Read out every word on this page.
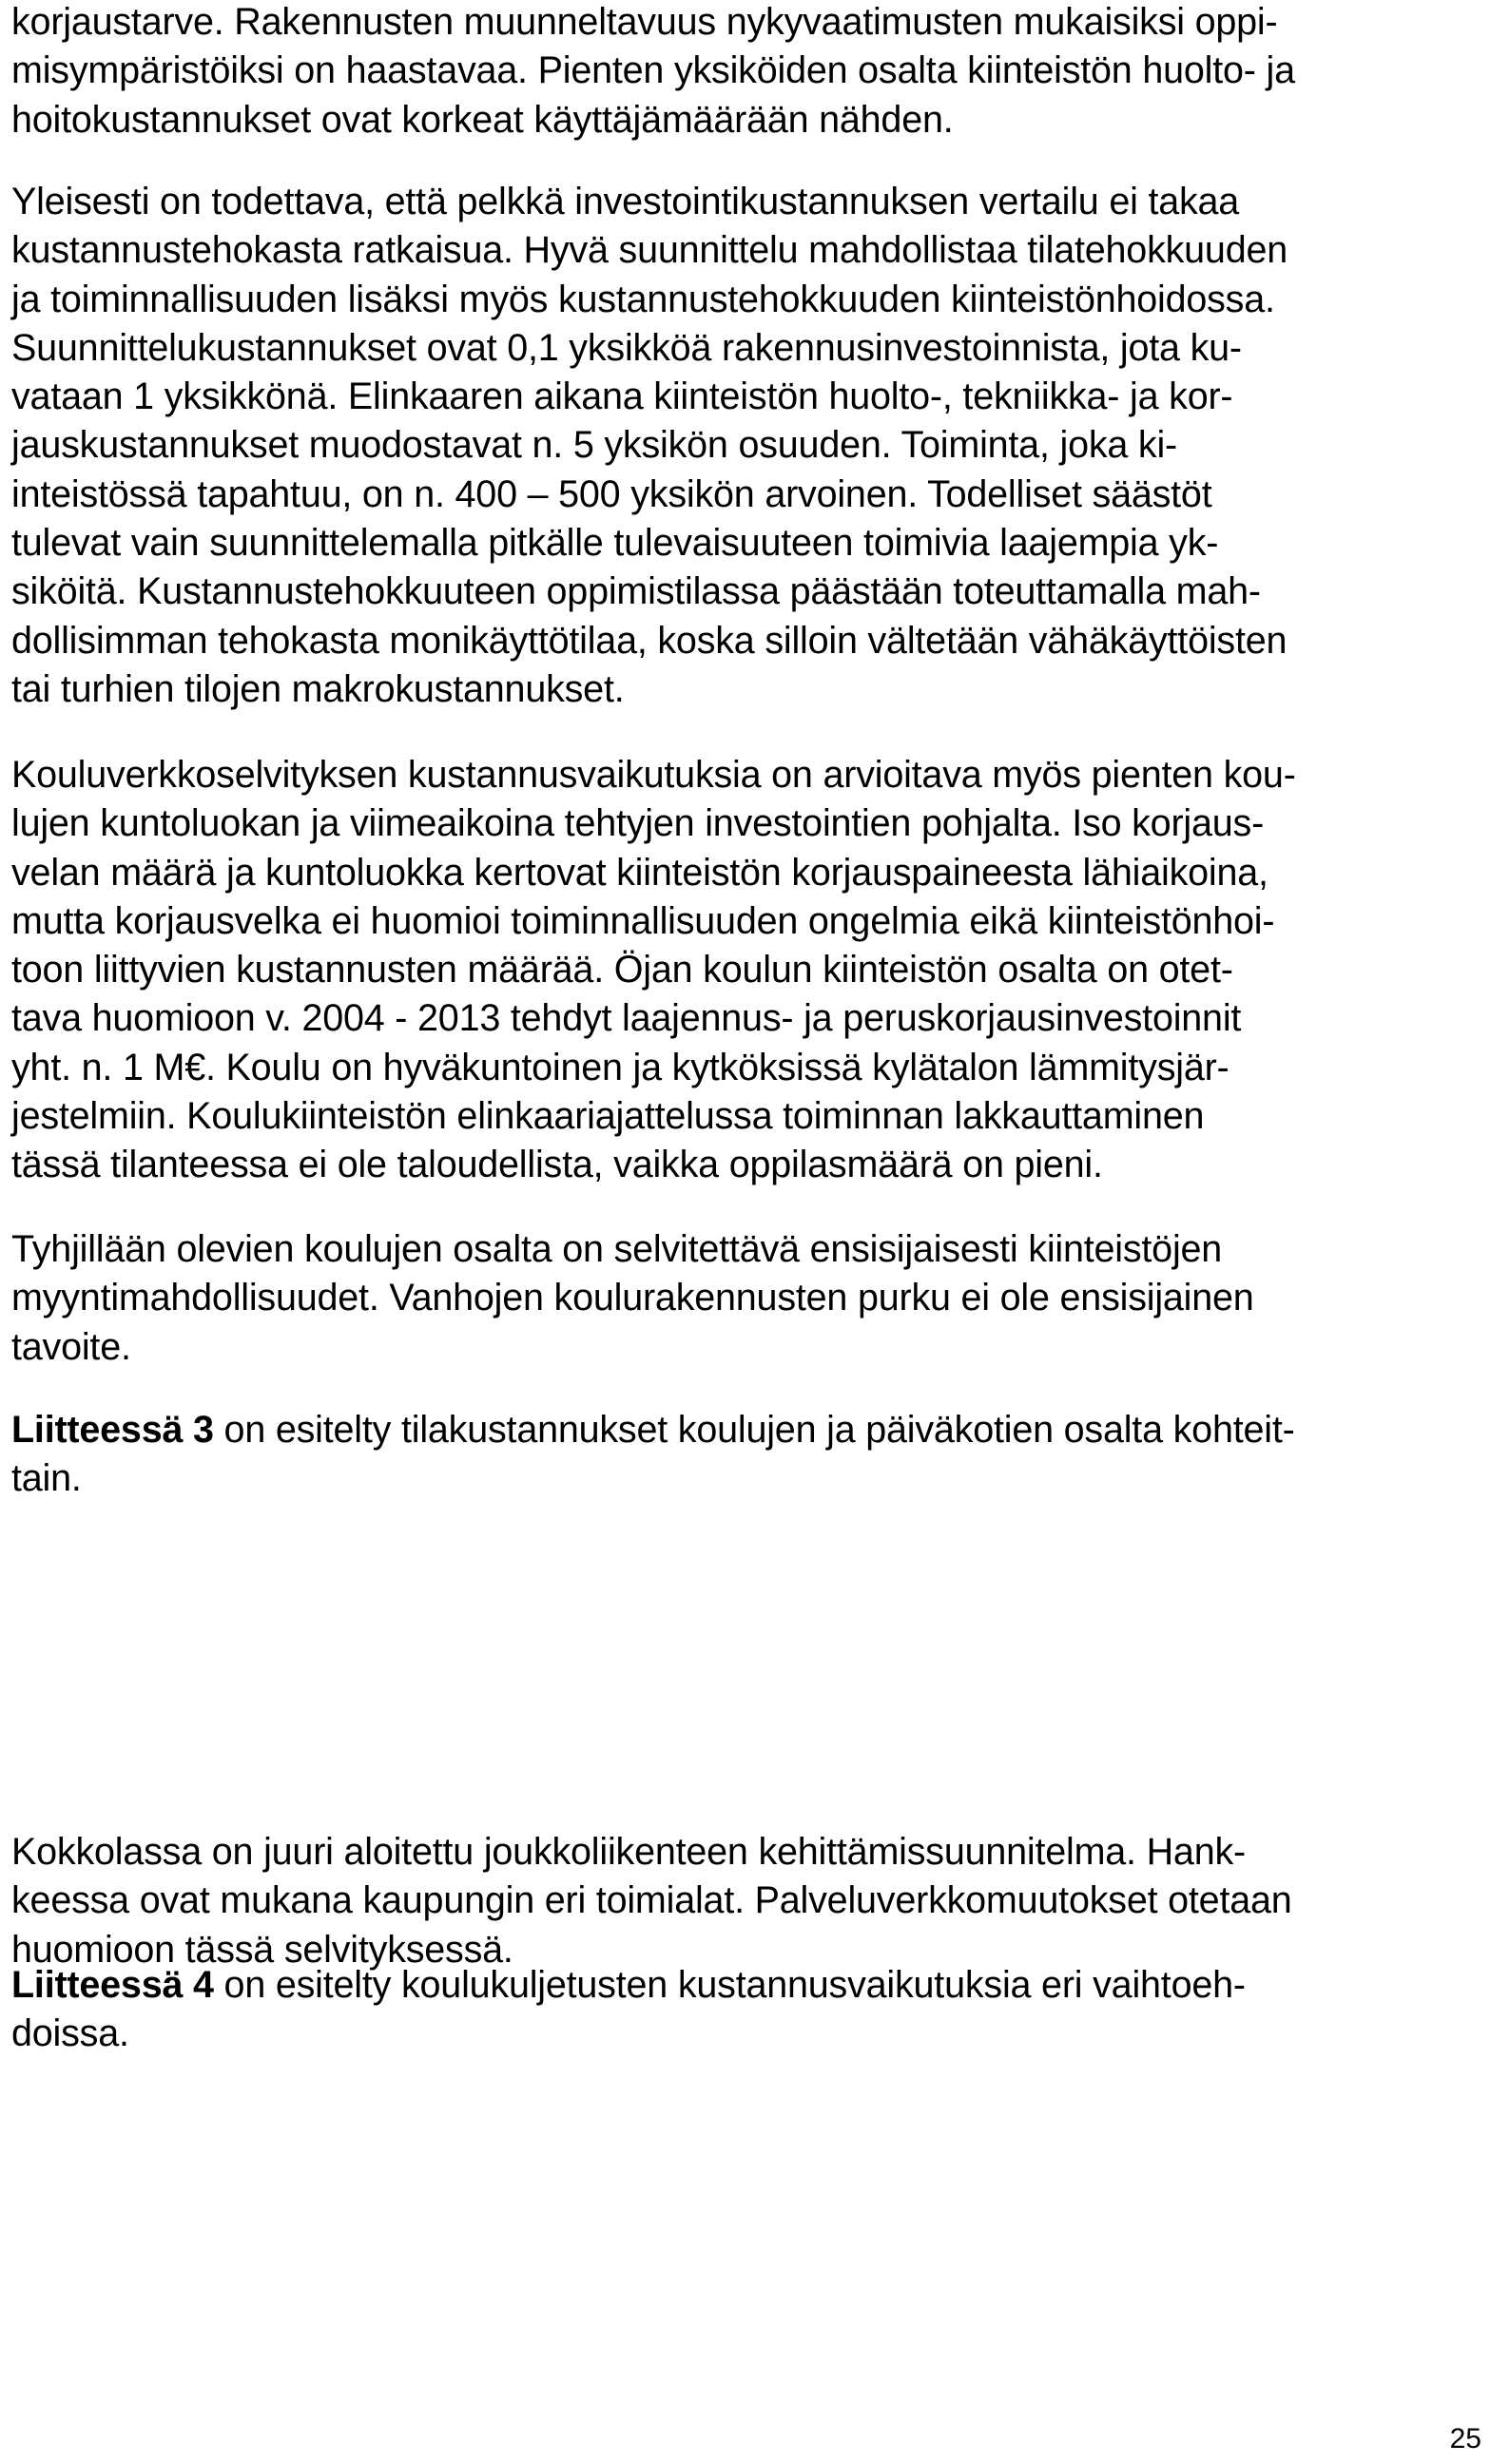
korjaustarve. Rakennusten muunneltavuus nykyvaatimusten mukaisiksi oppi-
misympäristöiksi on haastavaa. Pienten yksiköiden osalta kiinteistön huolto- ja
hoitokustannukset ovat korkeat käyttäjämäärään nähden.

Yleisesti on todettava, että pelkkä investointikustannuksen vertailu ei takaa
kustannustehokasta ratkaisua. Hyvä suunnittelu mahdollistaa tilatehokkuuden
ja toiminnallisuuden lisäksi myös kustannustehokkuuden kiinteistönhoidossa.
Suunnittelukustannukset ovat 0,1 yksikköä rakennusinvestoinnista, jota ku-
vataan 1 yksikkönä. Elinkaaren aikana kiinteistön huolto-, tekniikka- ja kor-
jauskustannukset muodostavat n. 5 yksikön osuuden. Toiminta, joka ki-
inteistössä tapahtuu, on n. 400 – 500 yksikön arvoinen. Todelliset säästöt
tulevat vain suunnittelemalla pitkälle tulevaisuuteen toimivia laajempia yk-
siköitä. Kustannustehokkuuteen oppimistilassa päästään toteuttamalla mah-
dollisimman tehokasta monikäyttötilaa, koska silloin vältetään vähäkäyttöisten
tai turhien tilojen makrokustannukset.

Kouluverkkoselvityksen kustannusvaikutuksia on arvioitava myös pienten kou-
lujen kuntoluokan ja viimeaikoina tehtyjen investointien pohjalta. Iso korjaus-
velan määrä ja kuntoluokka kertovat kiinteistön korjauspaineesta lähiaikoina,
mutta korjausvelka ei huomioi toiminnallisuuden ongelmia eikä kiinteistönhoi-
toon liittyvien kustannusten määrää. Öjan koulun kiinteistön osalta on otet-
tava huomioon v. 2004 - 2013 tehdyt laajennus- ja peruskorjausinvestoinnit
yht. n. 1 M€. Koulu on hyväkuntoinen ja kytköksissä kylätalon lämmitysjär-
jestelmiin. Koulukiinteistön elinkaariajattelussa toiminnan lakkauttaminen
tässä tilanteessa ei ole taloudellista, vaikka oppilasmäärä on pieni.

Tyhjillään olevien koulujen osalta on selvitettävä ensisijaisesti kiinteistöjen
myyntimahdollisuudet. Vanhojen koulurakennusten purku ei ole ensisijainen
tavoite.

Liitteessä 3 on esitelty tilakustannukset koulujen ja päiväkotien osalta kohteit-
tain.

Kokkolassa on juuri aloitettu joukkoliikenteen kehittämissuunnitelma. Hank-
keessa ovat mukana kaupungin eri toimialat. Palveluverkkomuutokset otetaan
huomioon tässä selvityksessä.

Liitteessä 4 on esitelty koulukuljetusten kustannusvaikutuksia eri vaihtoeh-
doissa.

25
